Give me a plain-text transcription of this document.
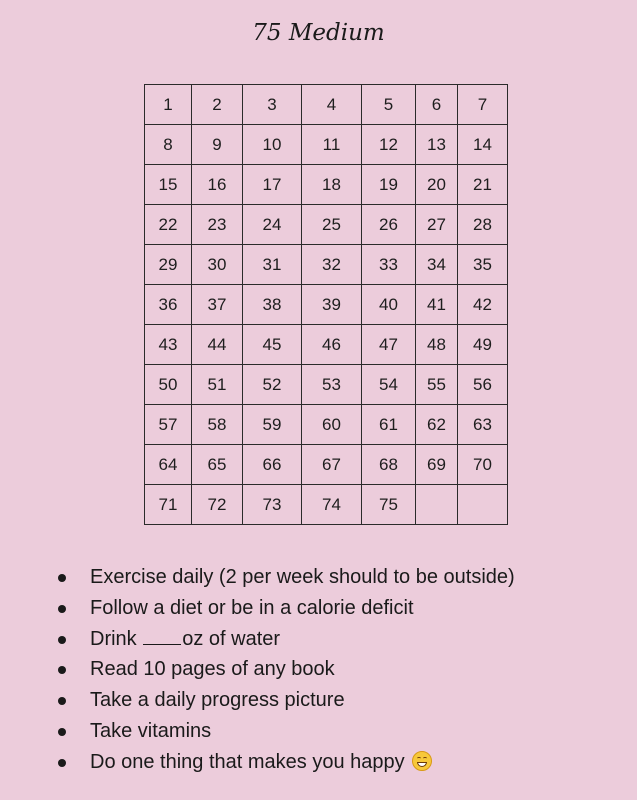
75 Medium
1	2	3	4	5	6	7
8	9	10	11	12	13	14
15	16	17	18	19	20	21
22	23	24	25	26	27	28
29	30	31	32	33	34	35
36	37	38	39	40	41	42
43	44	45	46	47	48	49
50	51	52	53	54	55	56
57	58	59	60	61	62	63
64	65	66	67	68	69	70
71	72	73	74	75		
Exercise daily (2 per week should to be outside)
Follow a diet or be in a calorie deficit
Drink oz of water
Read 10 pages of any book
Take a daily progress picture
Take vitamins
Do one thing that makes you happy
